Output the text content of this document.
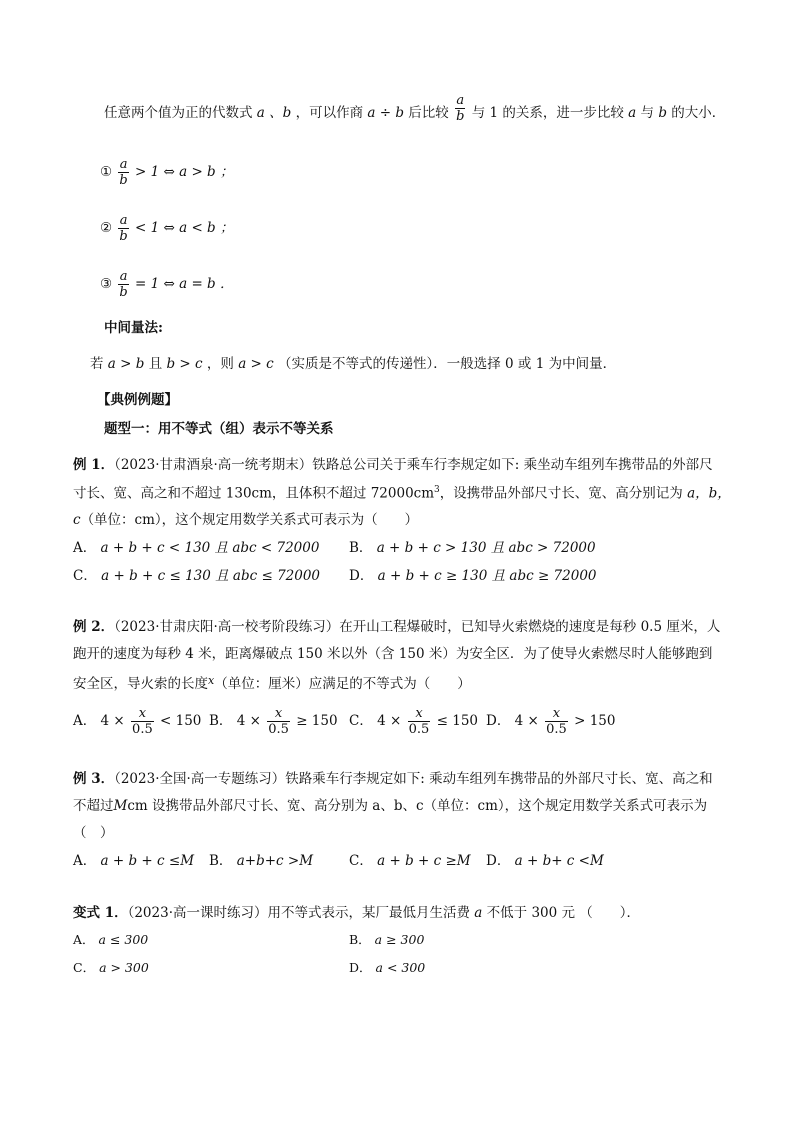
任意两个值为正的代数式 a 、b ，可以作商 a ÷ b 后比较 $\frac{a}{b}$ 与 1 的关系，进一步比较 a 与 b 的大小．
① $\frac{a}{b} > 1$ ⇔ a > b ；
② $\frac{a}{b} < 1$ ⇔ a < b ；
③ $\frac{a}{b} = 1$ ⇔ a = b ．
中间量法:
若 a > b 且 b > c ，则 a > c （实质是不等式的传递性）．一般选择 0 或 1 为中间量．
【典例例题】
题型一：用不等式（组）表示不等关系
例 1．（2023·甘肃酒泉·高一统考期末）铁路总公司关于乘车行李规定如下: 乘坐动车组列车携带品的外部尺
寸长、宽、高之和不超过 130cm，且体积不超过 $72000cm^3$，设携带品外部尺寸长、宽、高分别记为 a，b，
c（单位：cm），这个规定用数学关系式可表示为（　　）
A． a + b + c < 130 且 abc < 72000 B． a + b + c > 130 且 abc > 72000
C． a + b + c ≤ 130 且 abc ≤ 72000 D． a + b + c ≥ 130 且 abc ≥ 72000
例 2．（2023·甘肃庆阳·高一校考阶段练习）在开山工程爆破时，已知导火索燃烧的速度是每秒 0.5 厘米，人
跑开的速度为每秒 4 米，距离爆破点 150 米以外（含 150 米）为安全区．为了使导火索燃尽时人能够跑到
安全区，导火索的长度$^x$（单位：厘米）应满足的不等式为（　　）
A． $4 \times \frac{x}{0.5} < 150$ B． $4 \times \frac{x}{0.5} \ge 150$ C． $4 \times \frac{x}{0.5} \le 150$ D． $4 \times \frac{x}{0.5} > 150$
例 3．（2023·全国·高一专题练习）铁路乘车行李规定如下: 乘动车组列车携带品的外部尺寸长、宽、高之和
不超过Mcm 设携带品外部尺寸长、宽、高分别为 a、b、c（单位：cm），这个规定用数学关系式可表示为
（　）
A． a + b + c ≤M B． a+b+c >M	C． a + b + c ≥M D． a + b+ c <M
变式 1．（2023·高一课时练习）用不等式表示，某厂最低月生活费 a 不低于 300 元 （　　）．
A． a ≤ 300	B． a ≥ 300
C． a > 300	D． a < 300
